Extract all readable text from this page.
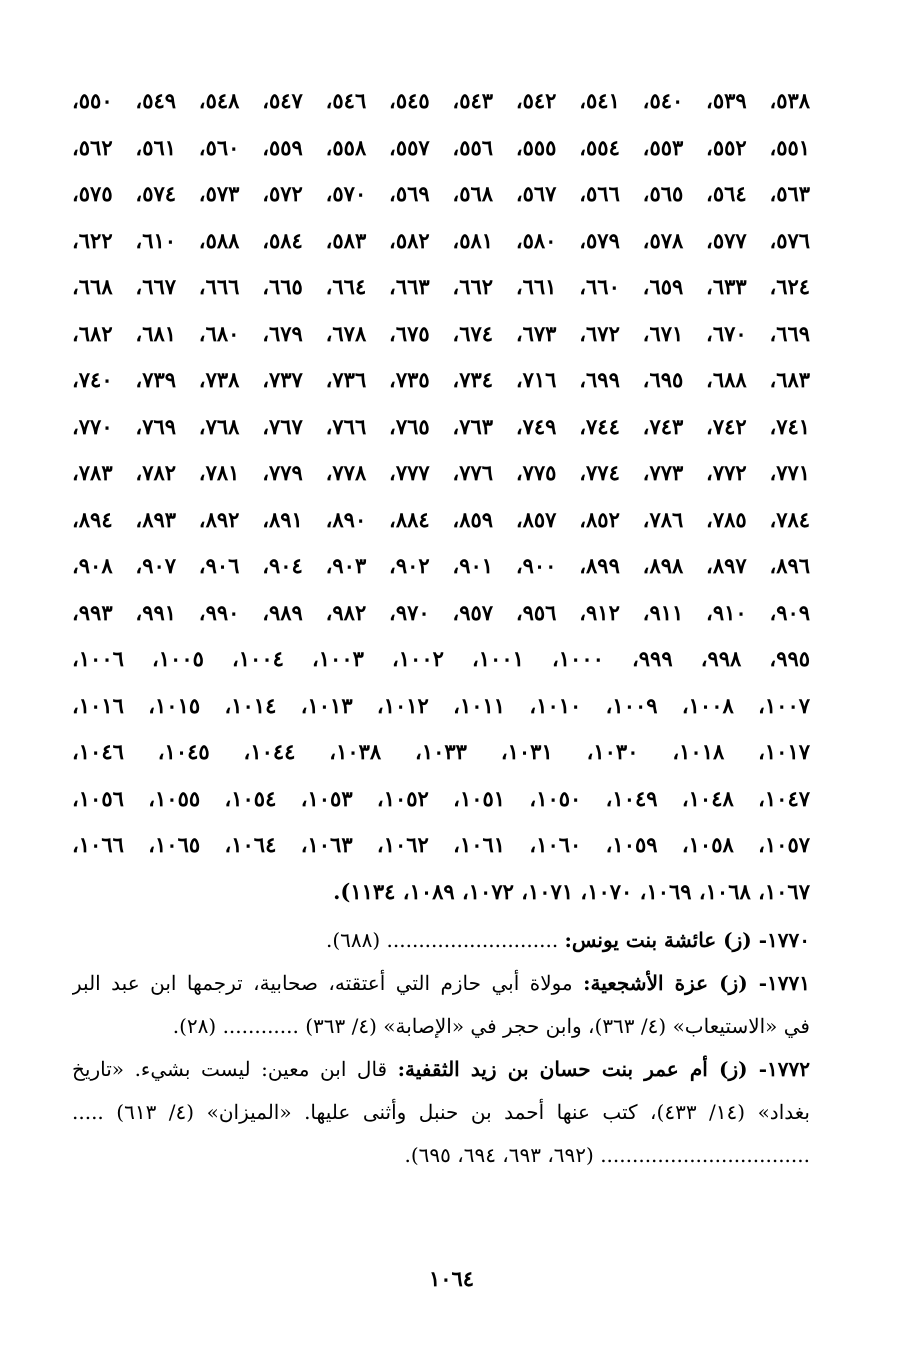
٥٣٨، ٥٣٩، ٥٤٠، ٥٤١، ٥٤٢، ٥٤٣، ٥٤٥، ٥٤٦، ٥٤٧، ٥٤٨، ٥٤٩، ٥٥٠،
٥٥١، ٥٥٢، ٥٥٣، ٥٥٤، ٥٥٥، ٥٥٦، ٥٥٧، ٥٥٨، ٥٥٩، ٥٦٠، ٥٦١، ٥٦٢،
٥٦٣، ٥٦٤، ٥٦٥، ٥٦٦، ٥٦٧، ٥٦٨، ٥٦٩، ٥٧٠، ٥٧٢، ٥٧٣، ٥٧٤، ٥٧٥،
٥٧٦، ٥٧٧، ٥٧٨، ٥٧٩، ٥٨٠، ٥٨١، ٥٨٢، ٥٨٣، ٥٨٤، ٥٨٨، ٦١٠، ٦٢٢،
٦٢٤، ٦٣٣، ٦٥٩، ٦٦٠، ٦٦١، ٦٦٢، ٦٦٣، ٦٦٤، ٦٦٥، ٦٦٦، ٦٦٧، ٦٦٨،
٦٦٩، ٦٧٠، ٦٧١، ٦٧٢، ٦٧٣، ٦٧٤، ٦٧٥، ٦٧٨، ٦٧٩، ٦٨٠، ٦٨١، ٦٨٢،
٦٨٣، ٦٨٨، ٦٩٥، ٦٩٩، ٧١٦، ٧٣٤، ٧٣٥، ٧٣٦، ٧٣٧، ٧٣٨، ٧٣٩، ٧٤٠،
٧٤١، ٧٤٢، ٧٤٣، ٧٤٤، ٧٤٩، ٧٦٣، ٧٦٥، ٧٦٦، ٧٦٧، ٧٦٨، ٧٦٩، ٧٧٠،
٧٧١، ٧٧٢، ٧٧٣، ٧٧٤، ٧٧٥، ٧٧٦، ٧٧٧، ٧٧٨، ٧٧٩، ٧٨١، ٧٨٢، ٧٨٣،
٧٨٤، ٧٨٥، ٧٨٦، ٨٥٢، ٨٥٧، ٨٥٩، ٨٨٤، ٨٩٠، ٨٩١، ٨٩٢، ٨٩٣، ٨٩٤،
٨٩٦، ٨٩٧، ٨٩٨، ٨٩٩، ٩٠٠، ٩٠١، ٩٠٢، ٩٠٣، ٩٠٤، ٩٠٦، ٩٠٧، ٩٠٨،
٩٠٩، ٩١٠، ٩١١، ٩١٢، ٩٥٦، ٩٥٧، ٩٧٠، ٩٨٢، ٩٨٩، ٩٩٠، ٩٩١، ٩٩٣،
٩٩٥، ٩٩٨، ٩٩٩، ١٠٠٠، ١٠٠١، ١٠٠٢، ١٠٠٣، ١٠٠٤، ١٠٠٥، ١٠٠٦،
١٠٠٧، ١٠٠٨، ١٠٠٩، ١٠١٠، ١٠١١، ١٠١٢، ١٠١٣، ١٠١٤، ١٠١٥، ١٠١٦،
١٠١٧، ١٠١٨، ١٠٣٠، ١٠٣١، ١٠٣٣، ١٠٣٨، ١٠٤٤، ١٠٤٥، ١٠٤٦،
١٠٤٧، ١٠٤٨، ١٠٤٩، ١٠٥٠، ١٠٥١، ١٠٥٢، ١٠٥٣، ١٠٥٤، ١٠٥٥، ١٠٥٦،
١٠٥٧، ١٠٥٨، ١٠٥٩، ١٠٦٠، ١٠٦١، ١٠٦٢، ١٠٦٣، ١٠٦٤، ١٠٦٥، ١٠٦٦،
١٠٦٧، ١٠٦٨، ١٠٦٩، ١٠٧٠، ١٠٧١، ١٠٧٢، ١٠٨٩، ١١٣٤).
١٧٧٠- (ز) عائشة بنت يونس: ........................... (٦٨٨).
١٧٧١- (ز) عزة الأشجعية: مولاة أبي حازم التي أعتقته، صحابية، ترجمها ابن عبد البر
في «الاستيعاب» (٤/ ٣٦٣)، وابن حجر في «الإصابة» (٤/ ٣٦٣) ............ (٢٨).
١٧٧٢- (ز) أم عمر بنت حسان بن زيد الثقفية: قال ابن معين: ليست بشيء. «تاريخ
بغداد» (١٤/ ٤٣٣)، كتب عنها أحمد بن حنبل وأثنى عليها. «الميزان» (٤/ ٦١٣) .....
................................. (٦٩٢، ٦٩٣، ٦٩٤، ٦٩٥).
١٠٦٤
